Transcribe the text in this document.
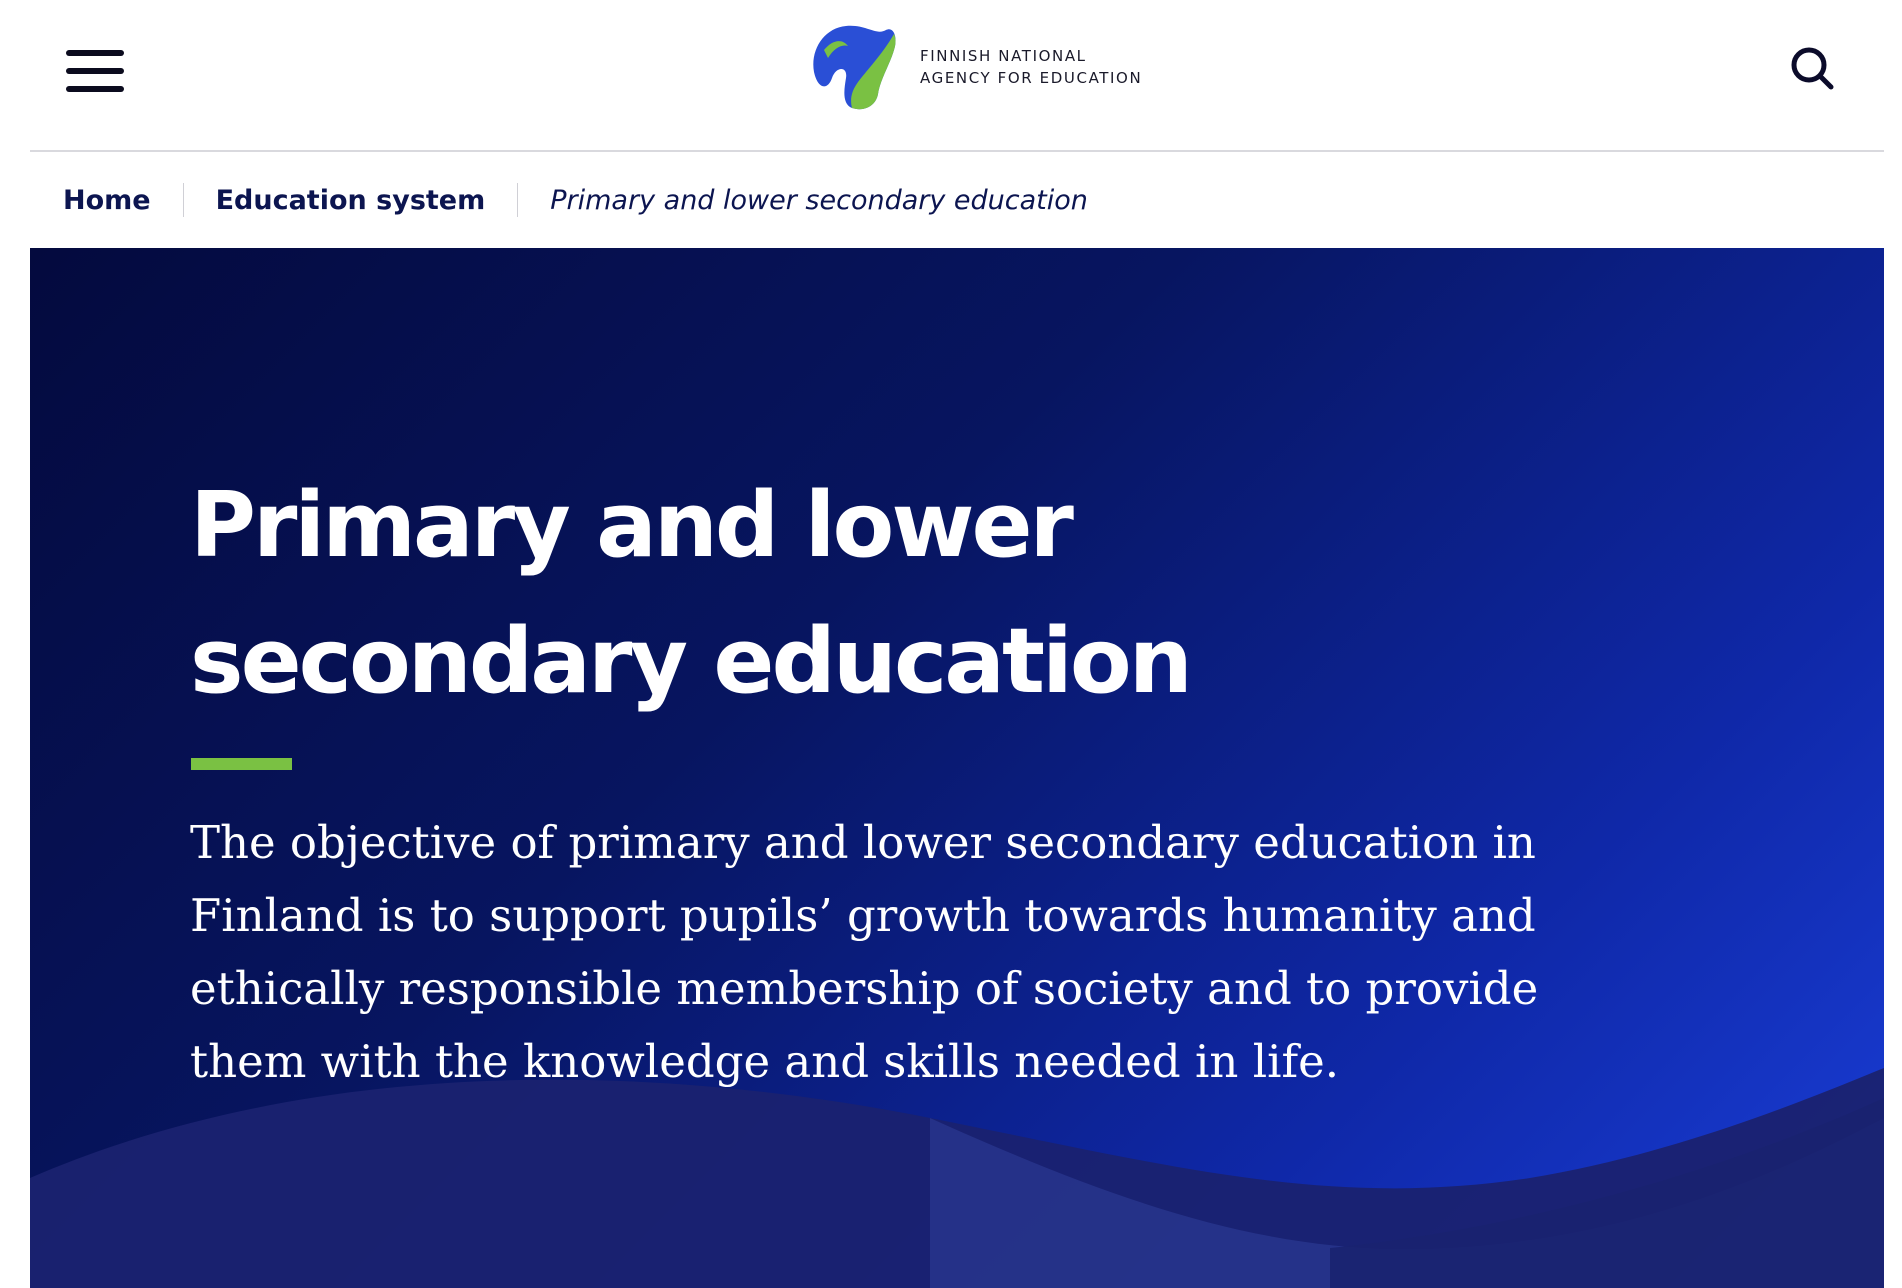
FINNISH NATIONAL
AGENCY FOR EDUCATION
Home Education system Primary and lower secondary education
Primary and lower secondary education

The objective of primary and lower secondary education in Finland is to support pupils’ growth towards humanity and ethically responsible membership of society and to provide them with the knowledge and skills needed in life.
